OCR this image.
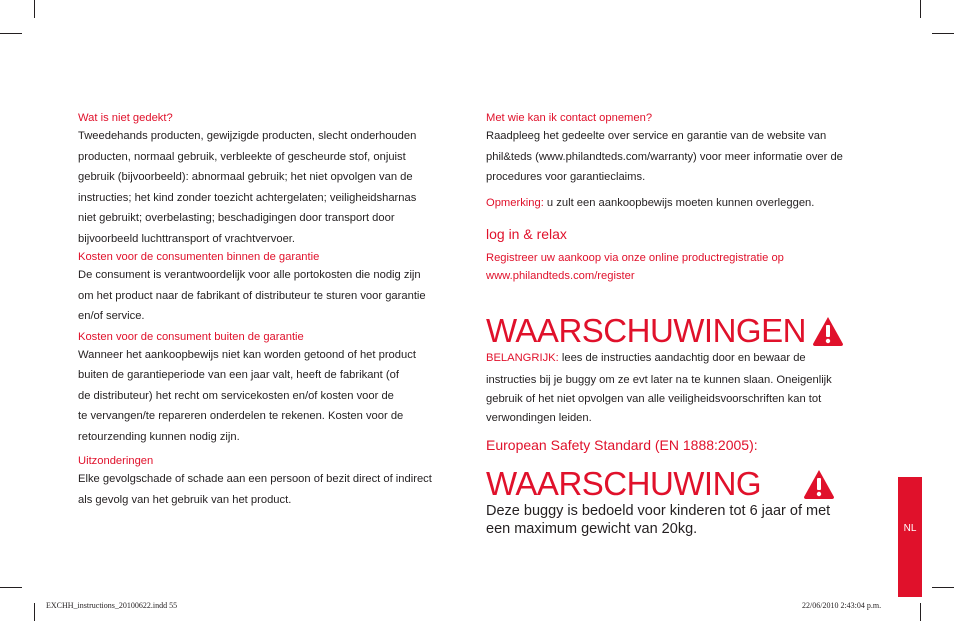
Wat is niet gedekt?

Tweedehands producten, gewijzigde producten, slecht onderhouden

producten, normaal gebruik, verbleekte of gescheurde stof, onjuist

gebruik (bijvoorbeeld): abnormaal gebruik; het niet opvolgen van de

instructies; het kind zonder toezicht achtergelaten; veiligheidsharnas

niet gebruikt; overbelasting; beschadigingen door transport door

bijvoorbeeld luchttransport of vrachtvervoer.

Kosten voor de consumenten binnen de garantie

De consument is verantwoordelijk voor alle portokosten die nodig zijn

om het product naar de fabrikant of distributeur te sturen voor garantie

en/of service.

Kosten voor de consument buiten de garantie

Wanneer het aankoopbewijs niet kan worden getoond of het product

buiten de garantieperiode van een jaar valt, heeft de fabrikant (of

de distributeur) het recht om servicekosten en/of kosten voor de

te vervangen/te repareren onderdelen te rekenen. Kosten voor de

retourzending kunnen nodig zijn.

Uitzonderingen

Elke gevolgschade of schade aan een persoon of bezit direct of indirect

als gevolg van het gebruik van het product.

Met wie kan ik contact opnemen?

Raadpleeg het gedeelte over service en garantie van de website van

phil&teds (www.philandteds.com/warranty) voor meer informatie over de

procedures voor garantieclaims.

Opmerking: u zult een aankoopbewijs moeten kunnen overleggen.

log in & relax

Registreer uw aankoop via onze online productregistratie op

www.philandteds.com/register

WAARSCHUWINGEN

BELANGRIJK: lees de instructies aandachtig door en bewaar de

instructies bij je buggy om ze evt later na te kunnen slaan. Oneigenlijk

gebruik of het niet opvolgen van alle veiligheidsvoorschriften kan tot

verwondingen leiden.

European Safety Standard (EN 1888:2005):

WAARSCHUWING

Deze buggy is bedoeld voor kinderen tot 6 jaar of met

een maximum gewicht van 20kg.	NL
EXCHH_instructions_20100622.indd 55	22/06/2010 2:43:04 p.m.
